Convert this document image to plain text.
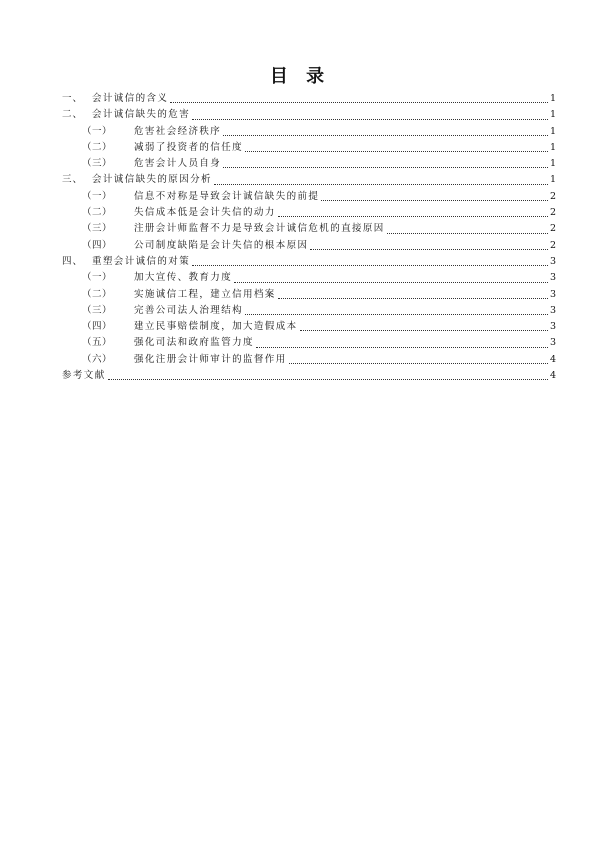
目 录
一、 会计诚信的含义	1
二、 会计诚信缺失的危害	1
（一）	危害社会经济秩序	1
（二）	减弱了投资者的信任度	1
（三）	危害会计人员自身	1
三、 会计诚信缺失的原因分析	1
（一）	信息不对称是导致会计诚信缺失的前提	2
（二）	失信成本低是会计失信的动力	2
（三）	注册会计师监督不力是导致会计诚信危机的直接原因	2
（四）	公司制度缺陷是会计失信的根本原因	2
四、 重塑会计诚信的对策	3
（一）	加大宣传、教育力度	3
（二）	实施诚信工程，建立信用档案	3
（三）	完善公司法人治理结构	3
（四）	建立民事赔偿制度，加大造假成本	3
（五）	强化司法和政府监管力度	3
（六）	强化注册会计师审计的监督作用	4
参考文献	4
